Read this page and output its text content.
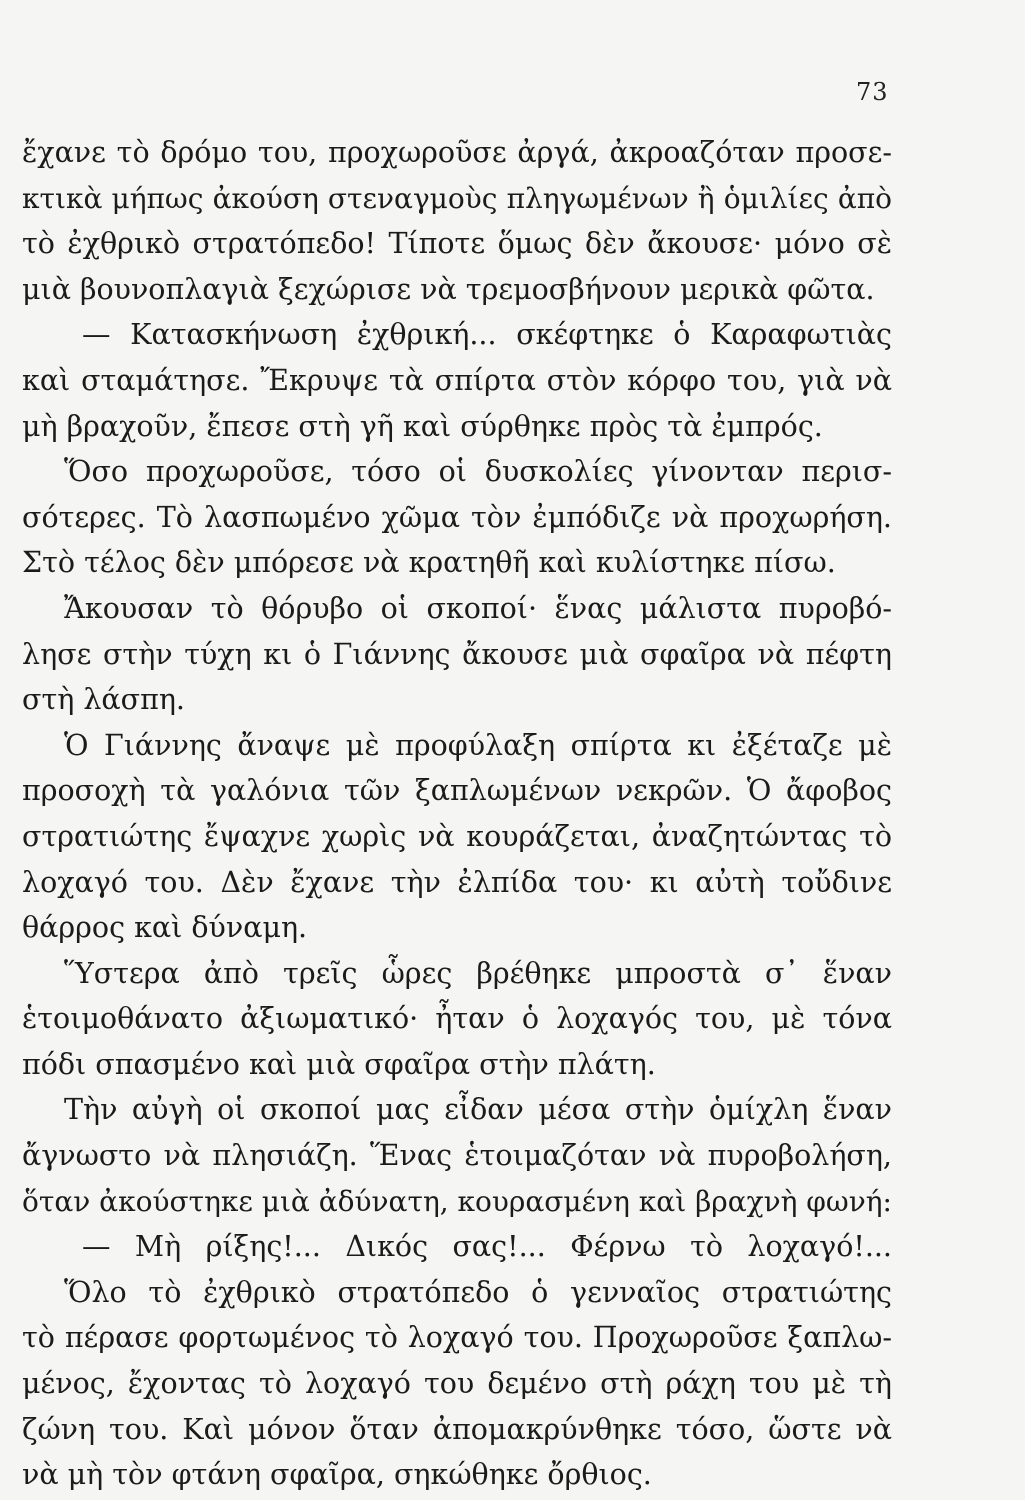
73
ἔχανε τὸ δρόμο του, προχωροῦσε ἀργά, ἀκροαζόταν προσε-
κτικὰ μήπως ἀκούση στεναγμοὺς πληγωμένων ἢ ὁμιλίες ἀπὸ
τὸ ἐχθρικὸ στρατόπεδο! Τίποτε ὅμως δὲν ἄκουσε· μόνο σὲ
μιὰ βουνοπλαγιὰ ξεχώρισε νὰ τρεμοσβήνουν μερικὰ φῶτα.
— Κατασκήνωση ἐχθρική... σκέφτηκε ὁ Καραφωτιὰς
καὶ σταμάτησε. Ἔκρυψε τὰ σπίρτα στὸν κόρφο του, γιὰ νὰ
μὴ βραχοῦν, ἔπεσε στὴ γῆ καὶ σύρθηκε πρὸς τὰ ἐμπρός.
Ὅσο προχωροῦσε, τόσο οἱ δυσκολίες γίνονταν περισ-
σότερες. Τὸ λασπωμένο χῶμα τὸν ἐμπόδιζε νὰ προχωρήση.
Στὸ τέλος δὲν μπόρεσε νὰ κρατηθῆ καὶ κυλίστηκε πίσω.
Ἄκουσαν τὸ θόρυβο οἱ σκοποί· ἕνας μάλιστα πυροβό-
λησε στὴν τύχη κι ὁ Γιάννης ἄκουσε μιὰ σφαῖρα νὰ πέφτη
στὴ λάσπη.
Ὁ Γιάννης ἄναψε μὲ προφύλαξη σπίρτα κι ἐξέταζε μὲ
προσοχὴ τὰ γαλόνια τῶν ξαπλωμένων νεκρῶν. Ὁ ἄφοβος
στρατιώτης ἔψαχνε χωρὶς νὰ κουράζεται, ἀναζητώντας τὸ
λοχαγό του. Δὲν ἔχανε τὴν ἐλπίδα του· κι αὐτὴ τοὔδινε
θάρρος καὶ δύναμη.
Ὕστερα ἀπὸ τρεῖς ὧρες βρέθηκε μπροστὰ σ᾽ ἕναν
ἑτοιμοθάνατο ἀξιωματικό· ἦταν ὁ λοχαγός του, μὲ τόνα
πόδι σπασμένο καὶ μιὰ σφαῖρα στὴν πλάτη.
Τὴν αὐγὴ οἱ σκοποί μας εἶδαν μέσα στὴν ὁμίχλη ἕναν
ἄγνωστο νὰ πλησιάζη. Ἕνας ἑτοιμαζόταν νὰ πυροβολήση,
ὅταν ἀκούστηκε μιὰ ἀδύνατη, κουρασμένη καὶ βραχνὴ φωνή:
— Μὴ ρίξης!... Δικός σας!... Φέρνω τὸ λοχαγό!...
Ὅλο τὸ ἐχθρικὸ στρατόπεδο ὁ γενναῖος στρατιώτης
τὸ πέρασε φορτωμένος τὸ λοχαγό του. Προχωροῦσε ξαπλω-
μένος, ἔχοντας τὸ λοχαγό του δεμένο στὴ ράχη του μὲ τὴ
ζώνη του. Καὶ μόνον ὅταν ἀπομακρύνθηκε τόσο, ὥστε νὰ
νὰ μὴ τὸν φτάνη σφαῖρα, σηκώθηκε ὄρθιος.
